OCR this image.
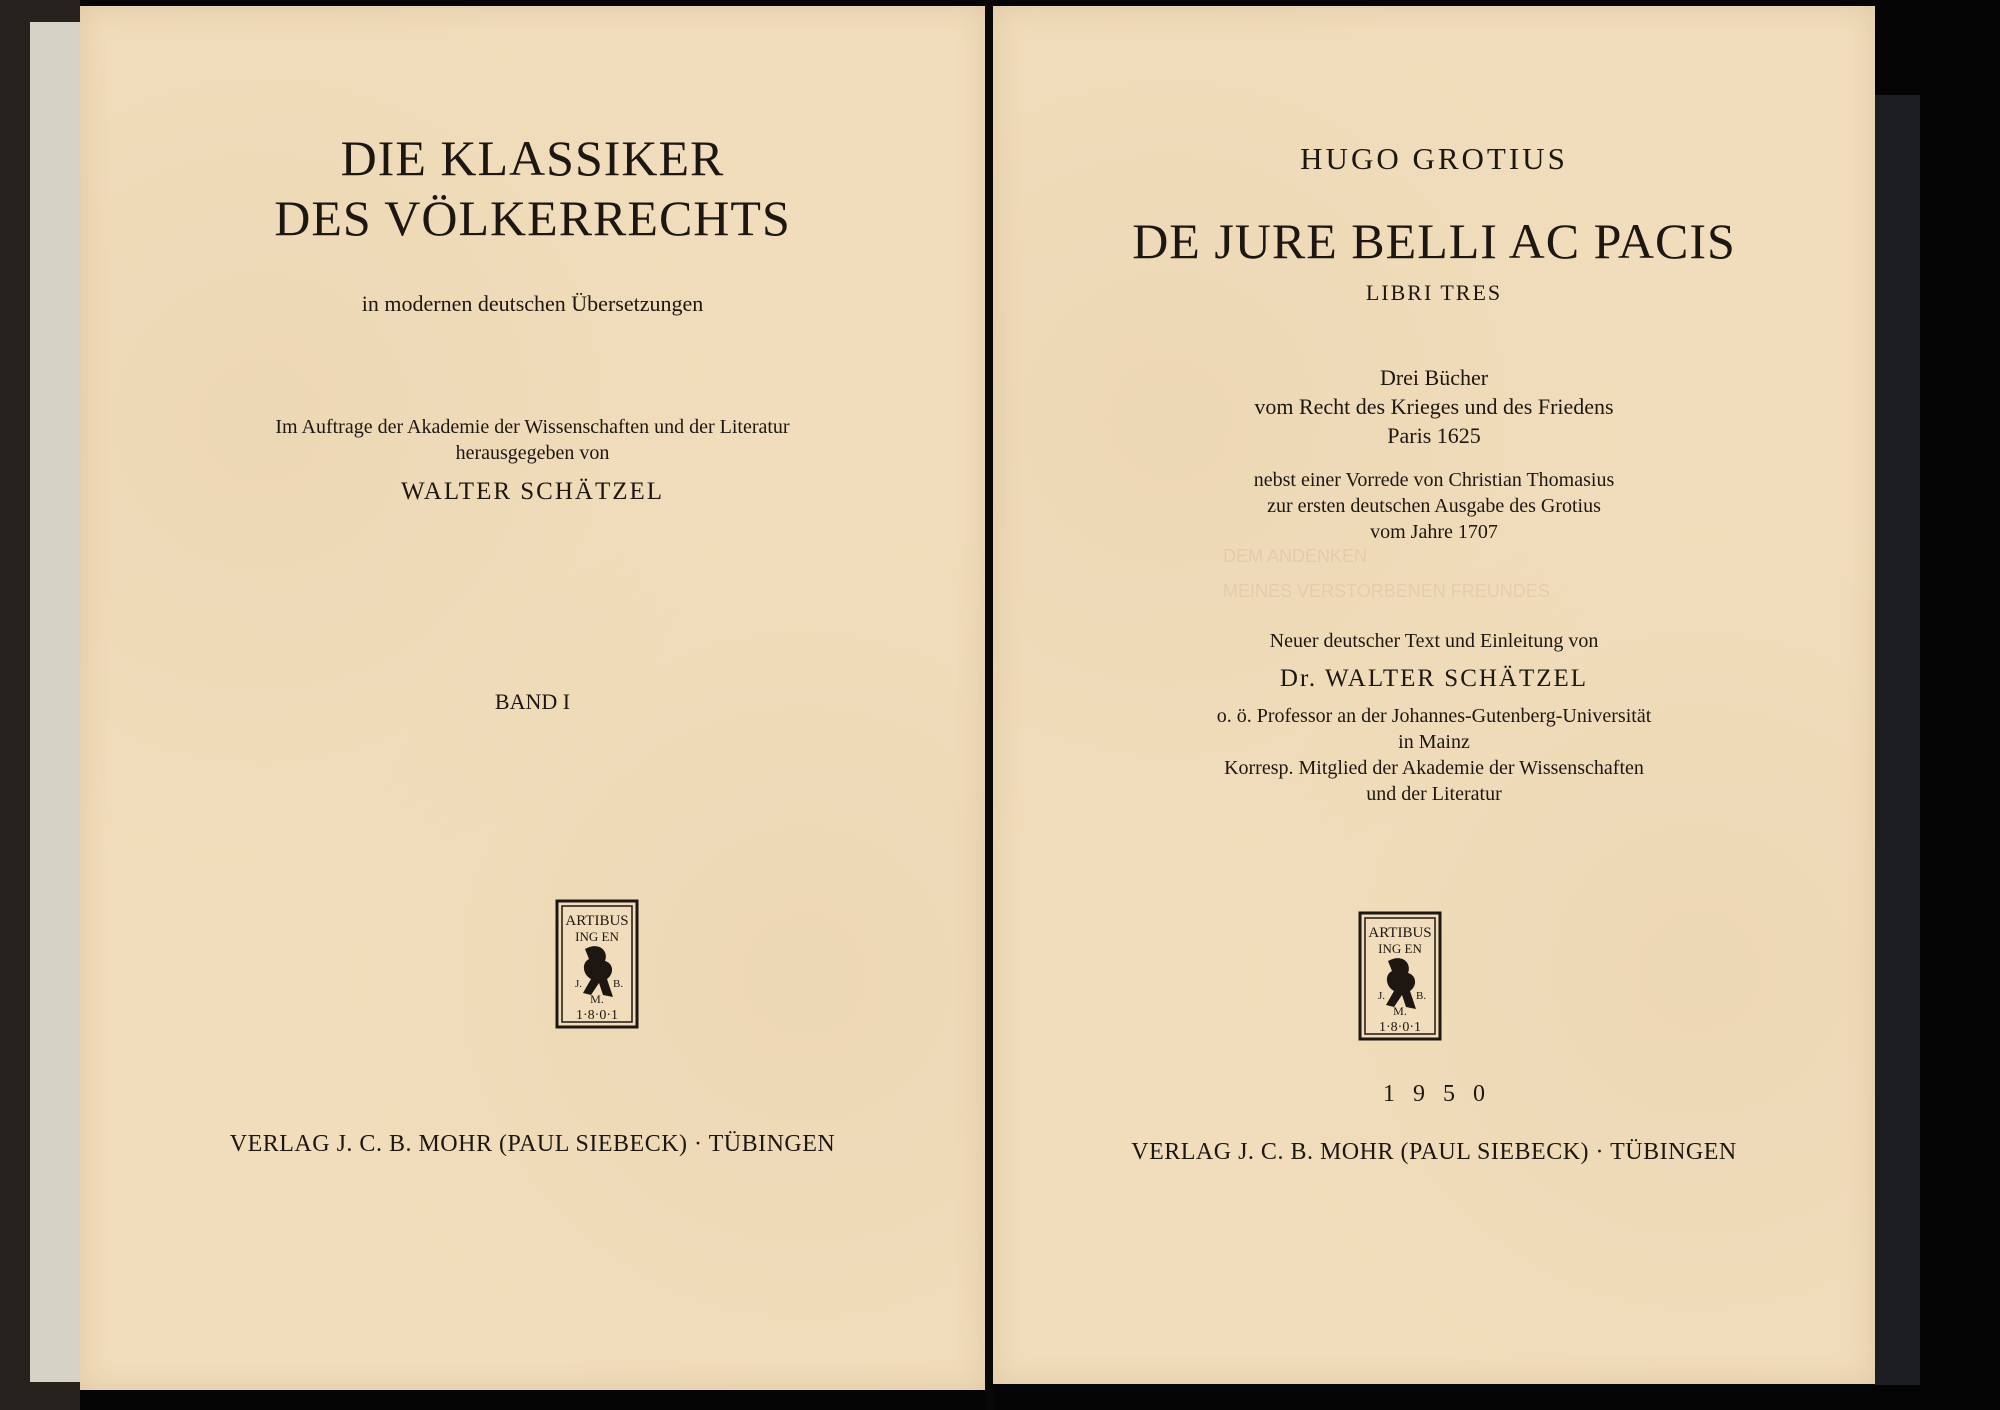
DIE KLASSIKER
DES VÖLKERRECHTS
in modernen deutschen Übersetzungen
Im Auftrage der Akademie der Wissenschaften und der Literatur
herausgegeben von
WALTER SCHÄTZEL
BAND I
ARTIBUS
ING EN
J.	B.
M.
1·8·0·1
VERLAG J. C. B. MOHR (PAUL SIEBECK) · TÜBINGEN
DEM ANDENKEN
MEINES VERSTORBENEN FREUNDES
HUGO GROTIUS
DE JURE BELLI AC PACIS
LIBRI TRES
Drei Bücher
vom Recht des Krieges und des Friedens
Paris 1625
nebst einer Vorrede von Christian Thomasius
zur ersten deutschen Ausgabe des Grotius
vom Jahre 1707
Neuer deutscher Text und Einleitung von
Dr. WALTER SCHÄTZEL
o. ö. Professor an der Johannes-Gutenberg-Universität
in Mainz
Korresp. Mitglied der Akademie der Wissenschaften
und der Literatur
ARTIBUS
ING EN
J.	B.
M.
1·8·0·1
1950
VERLAG J. C. B. MOHR (PAUL SIEBECK) · TÜBINGEN
